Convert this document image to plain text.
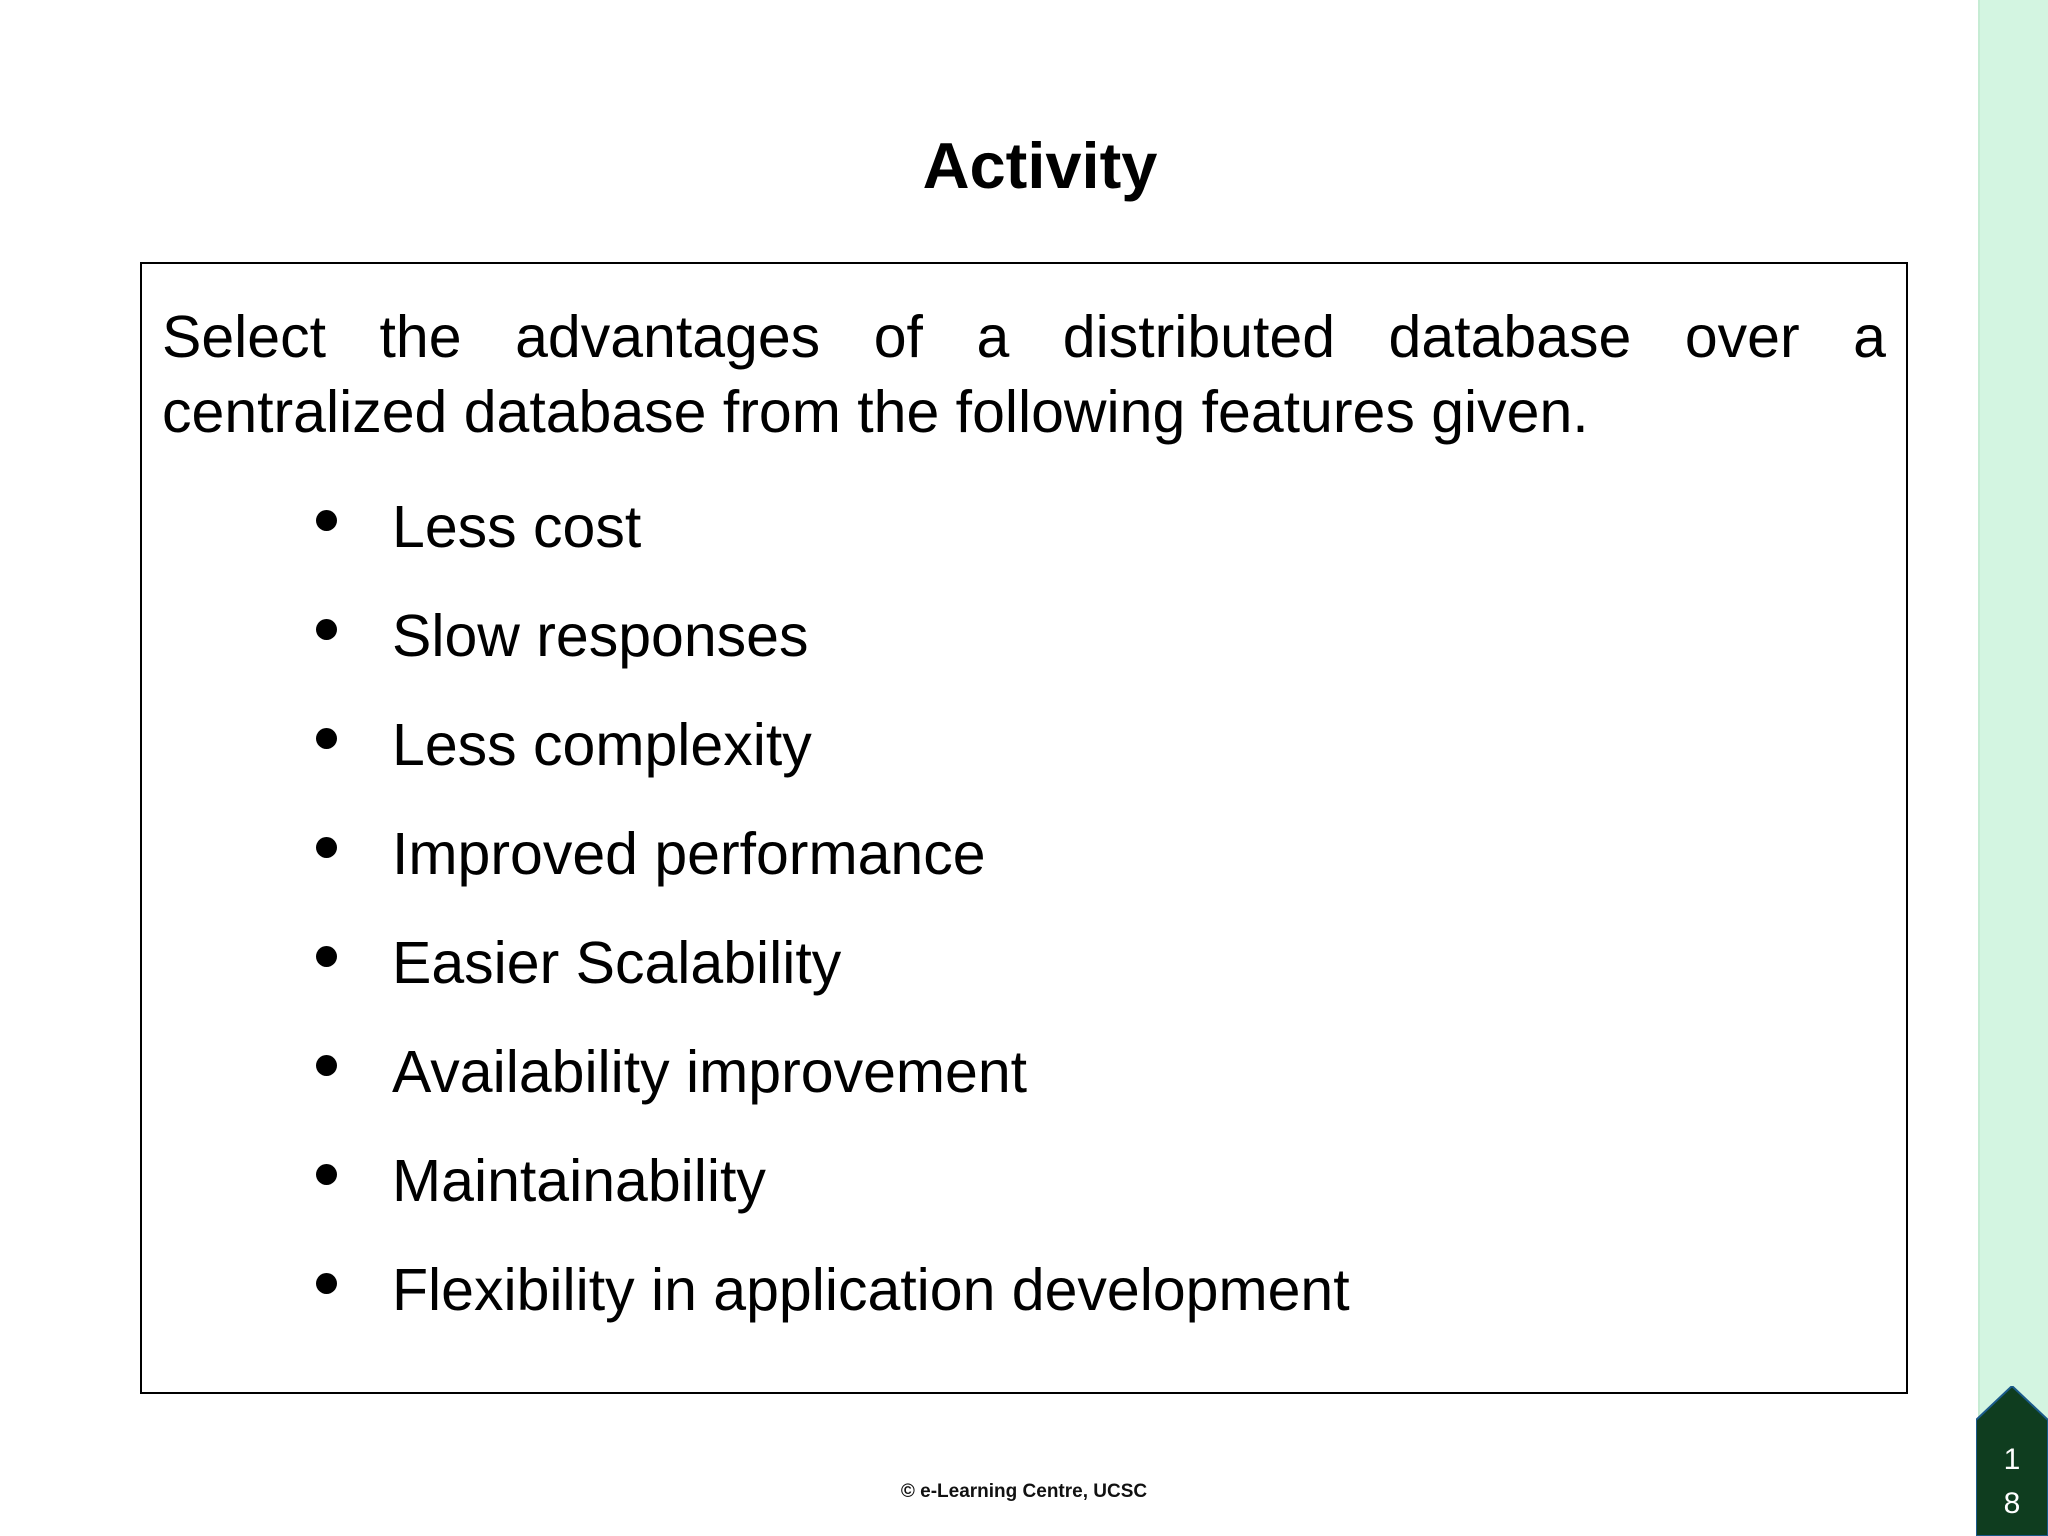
Activity

Select the advantages of a distributed database over a centralized database from the following features given.

Less cost
Slow responses
Less complexity
Improved performance
Easier Scalability
Availability improvement
Maintainability
Flexibility in application development
© e-Learning Centre, UCSC
18
